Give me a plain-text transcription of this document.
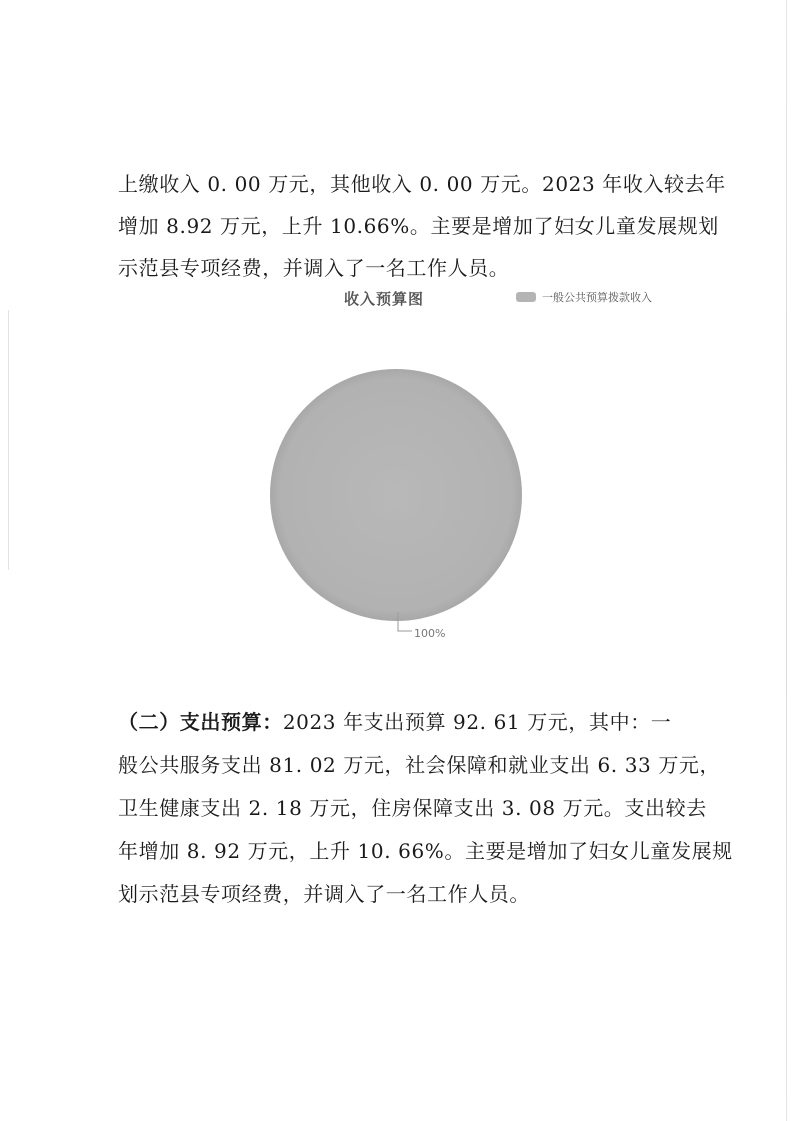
上缴收入 0. 00 万元，其他收入 0. 00 万元。2023 年收入较去年
增加 8.92 万元，上升 10.66%。主要是增加了妇女儿童发展规划
示范县专项经费，并调入了一名工作人员。
收入预算图	一般公共预算拨款收入
100%
（二）支出预算：2023 年支出预算 92. 61 万元，其中：一
般公共服务支出 81. 02 万元，社会保障和就业支出 6. 33 万元，
卫生健康支出 2. 18 万元，住房保障支出 3. 08 万元。支出较去
年增加 8. 92 万元，上升 10. 66%。主要是增加了妇女儿童发展规
划示范县专项经费，并调入了一名工作人员。
